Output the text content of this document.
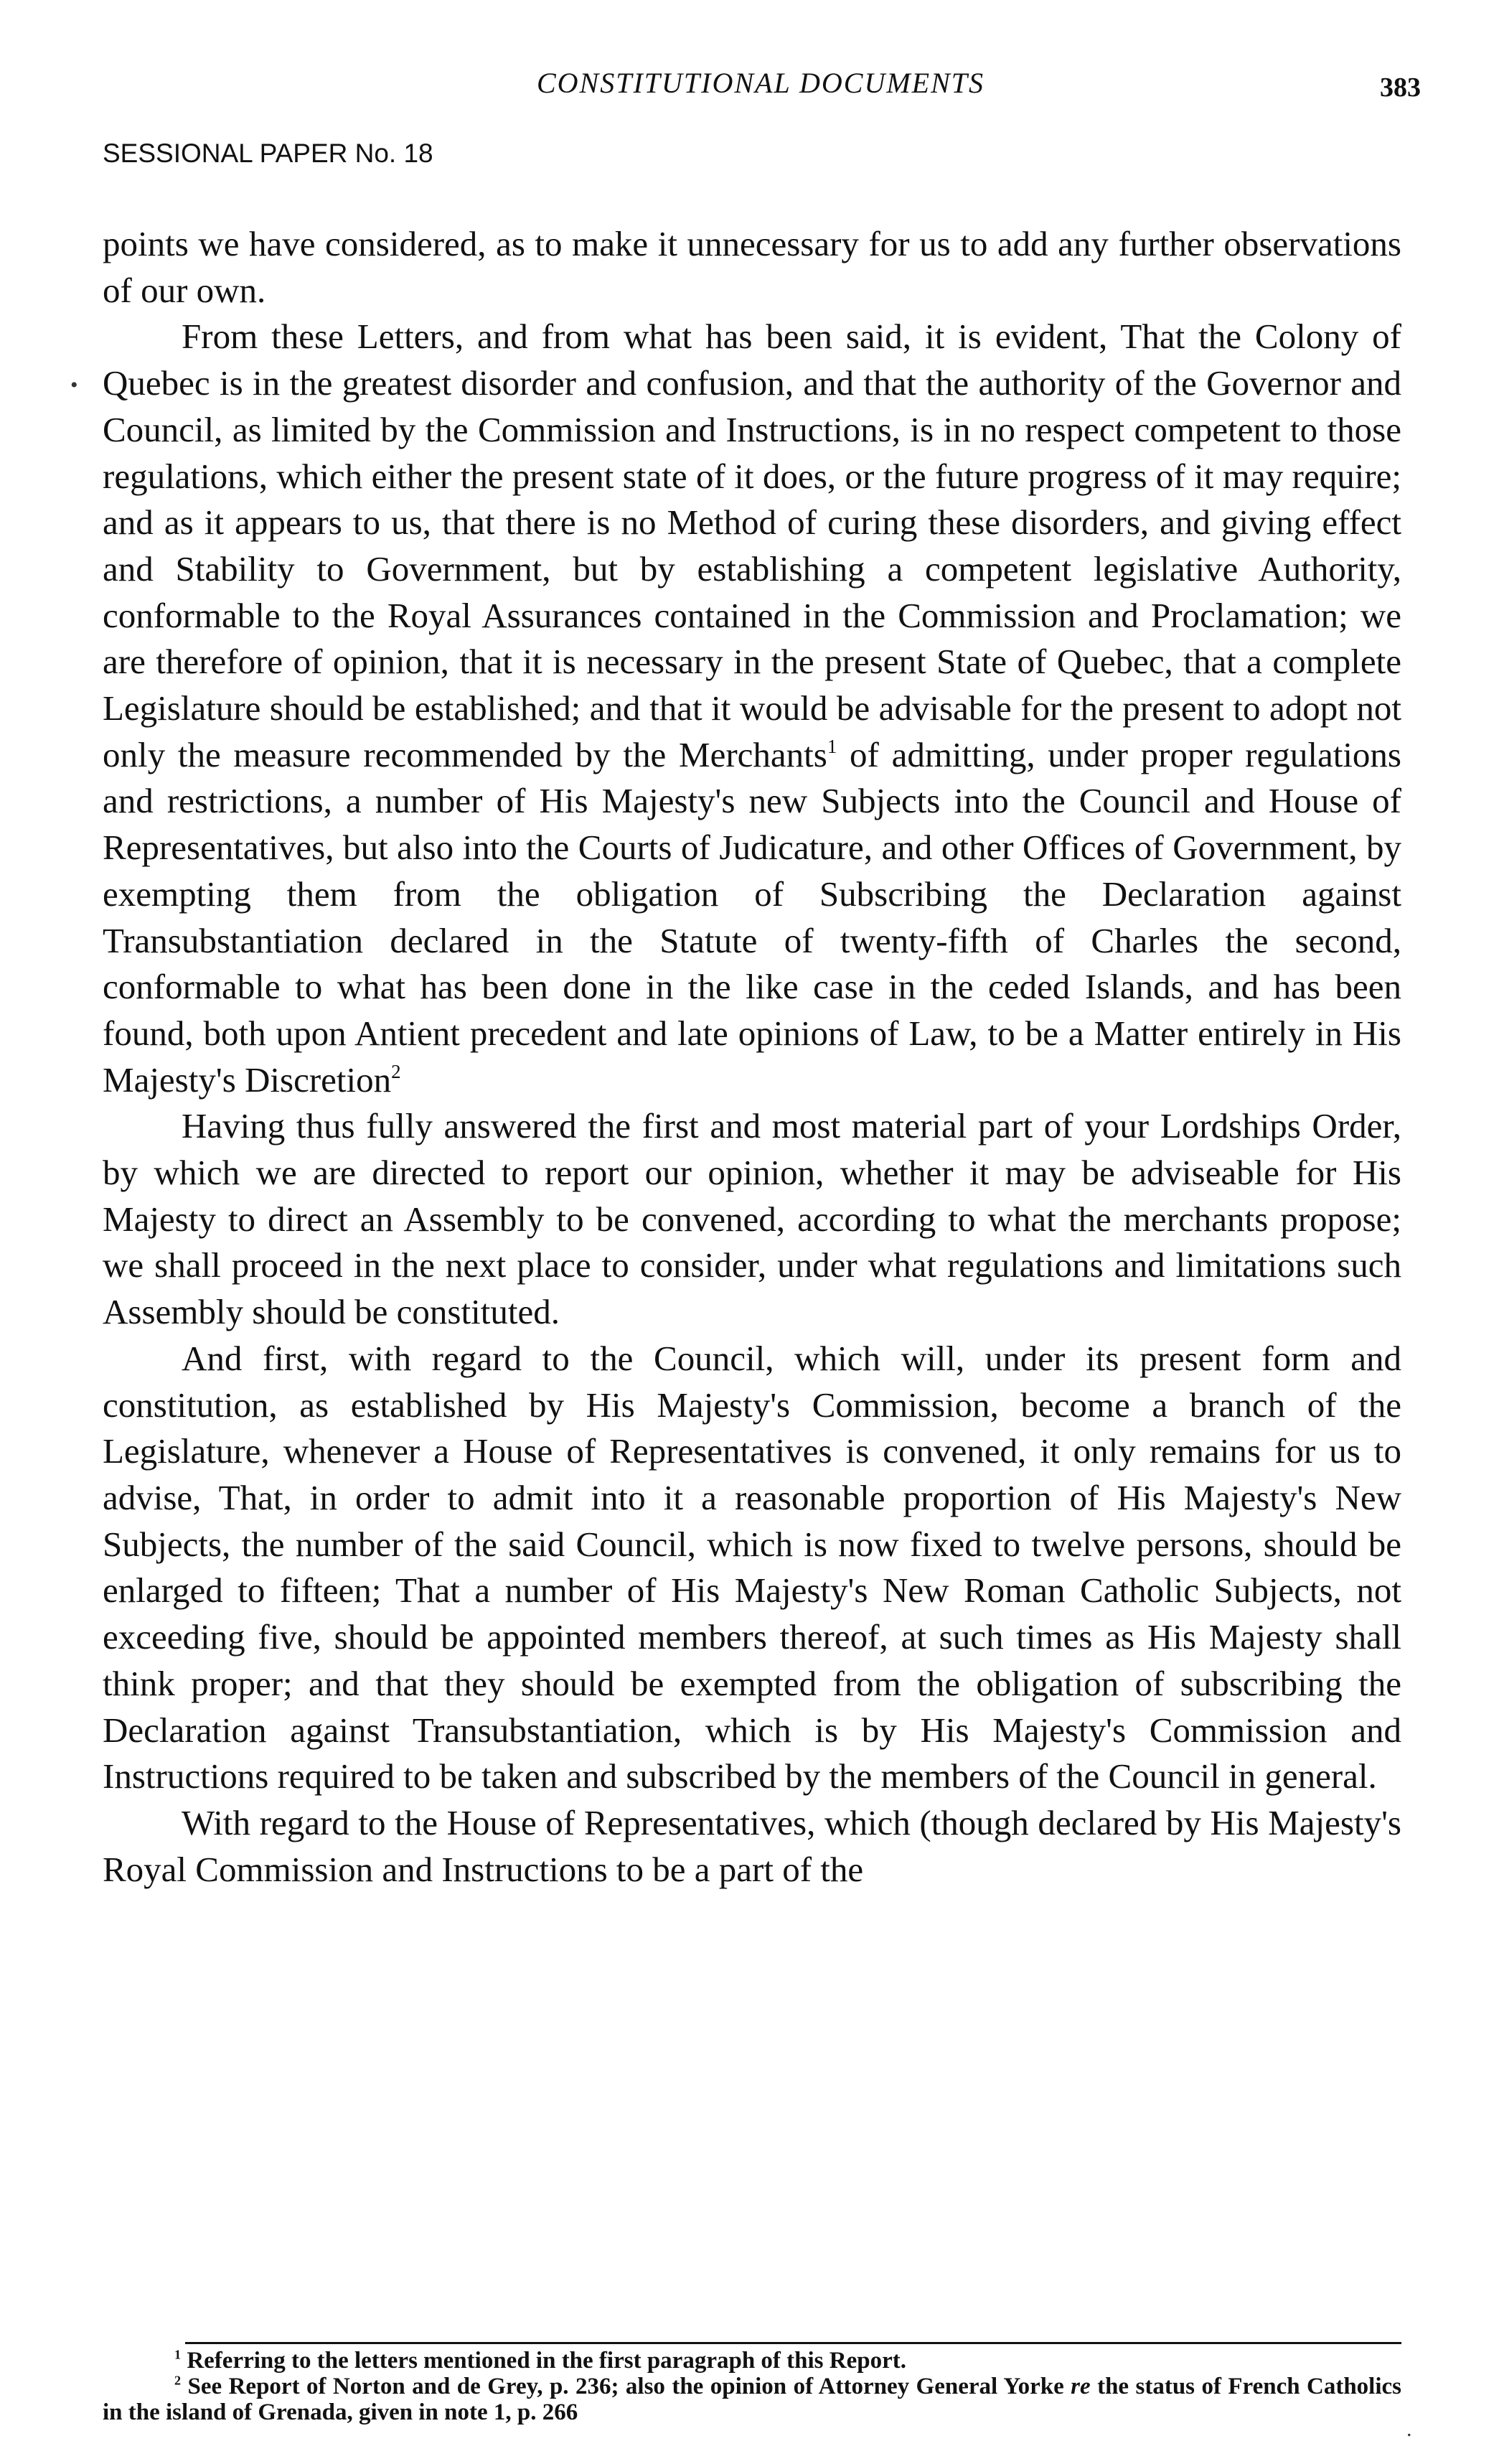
CONSTITUTIONAL DOCUMENTS	383
SESSIONAL PAPER No. 18
•
.

points we have considered, as to make it unnecessary for us to add any further observations of our own.

From these Letters, and from what has been said, it is evident, That the Colony of Quebec is in the greatest disorder and confusion, and that the authority of the Governor and Council, as limited by the Commission and Instructions, is in no respect competent to those regulations, which either the present state of it does, or the future progress of it may require; and as it appears to us, that there is no Method of curing these disorders, and giving effect and Stability to Government, but by establishing a competent legislative Authority, conformable to the Royal Assurances contained in the Commission and Proclamation; we are therefore of opinion, that it is necessary in the present State of Quebec, that a complete Legislature should be established; and that it would be advisable for the present to adopt not only the measure recommended by the Merchants$^1$ of admitting, under proper regulations and restrictions, a number of His Majesty's new Subjects into the Council and House of Representatives, but also into the Courts of Judicature, and other Offices of Government, by exempting them from the obligation of Subscribing the Declaration against Transubstantiation declared in the Statute of twenty-fifth of Charles the second, conformable to what has been done in the like case in the ceded Islands, and has been found, both upon Antient precedent and late opinions of Law, to be a Matter entirely in His Majesty's Discretion$^2$

Having thus fully answered the first and most material part of your Lordships Order, by which we are directed to report our opinion, whether it may be adviseable for His Majesty to direct an Assembly to be convened, according to what the merchants propose; we shall proceed in the next place to consider, under what regulations and limitations such Assembly should be constituted.

And first, with regard to the Council, which will, under its present form and constitution, as established by His Majesty's Commission, become a branch of the Legislature, whenever a House of Representatives is convened, it only remains for us to advise, That, in order to admit into it a reasonable proportion of His Majesty's New Subjects, the number of the said Council, which is now fixed to twelve persons, should be enlarged to fifteen; That a number of His Majesty's New Roman Catholic Subjects, not exceeding five, should be appointed members thereof, at such times as His Majesty shall think proper; and that they should be exempted from the obligation of subscribing the Declaration against Transubstantiation, which is by His Majesty's Commission and Instructions required to be taken and subscribed by the members of the Council in general.

With regard to the House of Representatives, which (though declared by His Majesty's Royal Commission and Instructions to be a part of the

$^1$ Referring to the letters mentioned in the first paragraph of this Report.

$^2$ See Report of Norton and de Grey, p. 236; also the opinion of Attorney General Yorke re the status of French Catholics in the island of Grenada, given in note 1, p. 266
